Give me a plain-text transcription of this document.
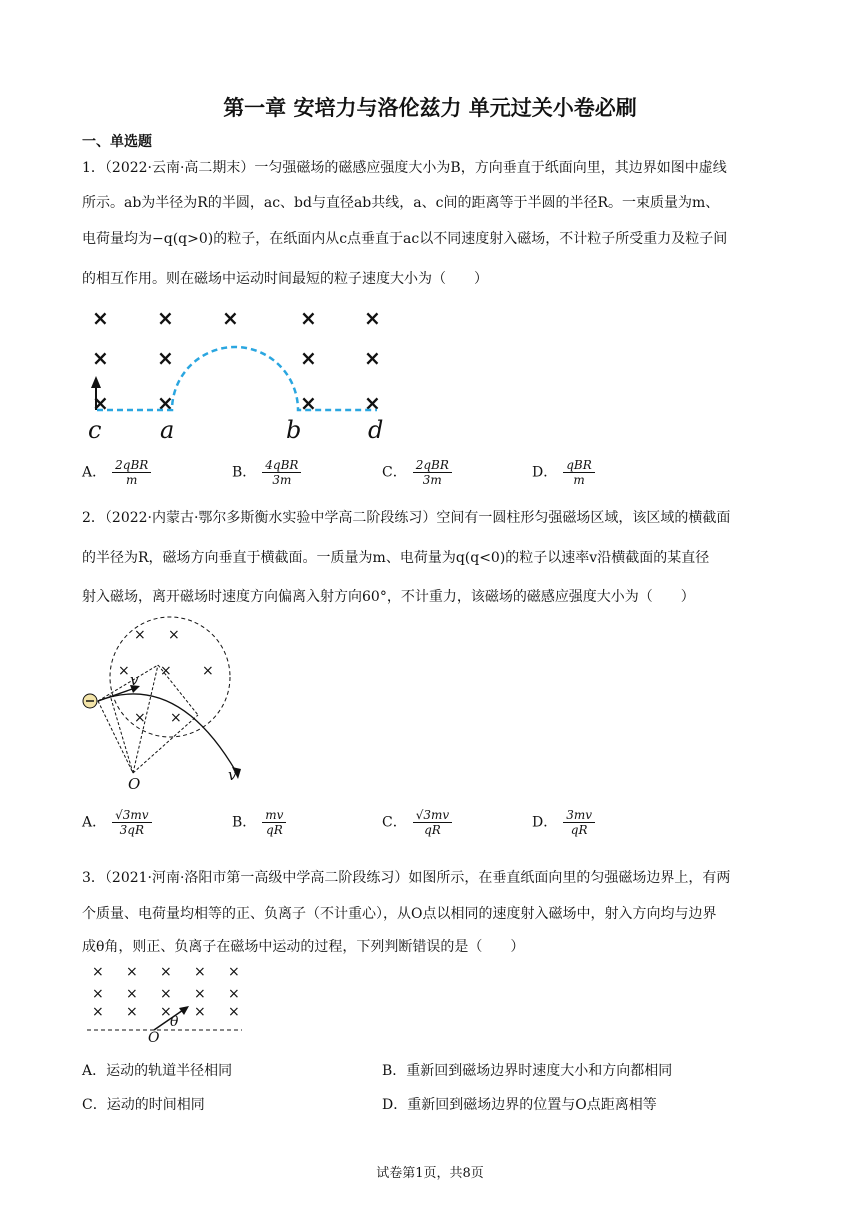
第一章 安培力与洛伦兹力 单元过关小卷必刷
一、单选题
1．（2022·云南·高二期末）一匀强磁场的磁感应强度大小为B，方向垂直于纸面向里，其边界如图中虚线
所示。ab为半径为R的半圆，ac、bd与直径ab共线，a、c间的距离等于半圆的半径R。一束质量为m、
电荷量均为−q(q>0)的粒子，在纸面内从c点垂直于ac以不同速度射入磁场，不计粒子所受重力及粒子间
的相互作用。则在磁场中运动时间最短的粒子速度大小为（　　）
× × ×	× ×
× ×	× ×
× ×	× ×
c a	b	d
A． $\frac{\text{2qBR}}{m}$	B． $\frac{\text{4qBR}}{3m}$	C． $\frac{\text{2qBR}}{3m}$	D． $\frac{\text{qBR}}{m}$
2．（2022·内蒙古·鄂尔多斯衡水实验中学高二阶段练习）空间有一圆柱形匀强磁场区域，该区域的横截面
的半径为R，磁场方向垂直于横截面。一质量为m、电荷量为q(q<0)的粒子以速率v沿横截面的某直径
射入磁场，离开磁场时速度方向偏离入射方向60°，不计重力，该磁场的磁感应强度大小为（　　）
× ×
× × ×
× ×
v
v
O
A． $\frac{√3mv}{3qR}$	B． $\frac{mv}{qR}$	C． $\frac{√3mv}{qR}$	D． $\frac{3mv}{qR}$
3．（2021·河南·洛阳市第一高级中学高二阶段练习）如图所示，在垂直纸面向里的匀强磁场边界上，有两
个质量、电荷量均相等的正、负离子（不计重心），从O点以相同的速度射入磁场中，射入方向均与边界
成θ角，则正、负离子在磁场中运动的过程，下列判断错误的是（　　）
× × × × ×
× × × × ×
× × × × ×
O
θ
A．运动的轨道半径相同	B．重新回到磁场边界时速度大小和方向都相同
C．运动的时间相同	D．重新回到磁场边界的位置与O点距离相等
试卷第1页，共8页
